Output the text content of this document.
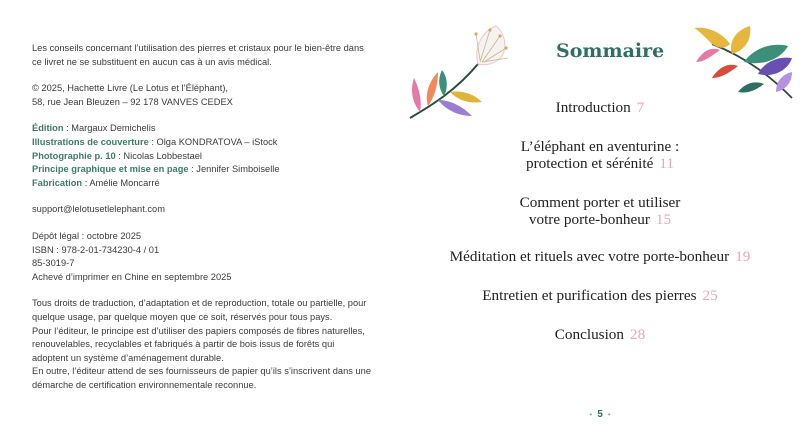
Les conseils concernant l’utilisation des pierres et cristaux pour le bien-être dans ce livret ne se substituent en aucun cas à un avis médical.

© 2025, Hachette Livre (Le Lotus et l’Éléphant),

58, rue Jean Bleuzen – 92 178 VANVES CEDEX

Édition : Margaux Demichelis

Illustrations de couverture : Olga KONDRATOVA – iStock

Photographie p. 10 : Nicolas Lobbestael

Principe graphique et mise en page : Jennifer Simboiselle

Fabrication : Amélie Moncarré

support@lelotusetlelephant.com

Dépôt légal : octobre 2025

ISBN : 978-2-01-734230-4 / 01

85-3019-7

Achevé d’imprimer en Chine en septembre 2025

Tous droits de traduction, d’adaptation et de reproduction, totale ou partielle, pour quelque usage, par quelque moyen que ce soit, réservés pour tous pays.

Pour l’éditeur, le principe est d’utiliser des papiers composés de fibres naturelles, renouvelables, recyclables et fabriqués à partir de bois issus de forêts qui adoptent un système d’aménagement durable.

En outre, l’éditeur attend de ses fournisseurs de papier qu’ils s’inscrivent dans une démarche de certification environnementale reconnue.

Sommaire
Introduction 7
L’éléphant en aventurine :
protection et sérénité 11
Comment porter et utiliser
votre porte-bonheur 15
Méditation et rituels avec votre porte-bonheur 19
Entretien et purification des pierres 25
Conclusion 28
• 5 •
